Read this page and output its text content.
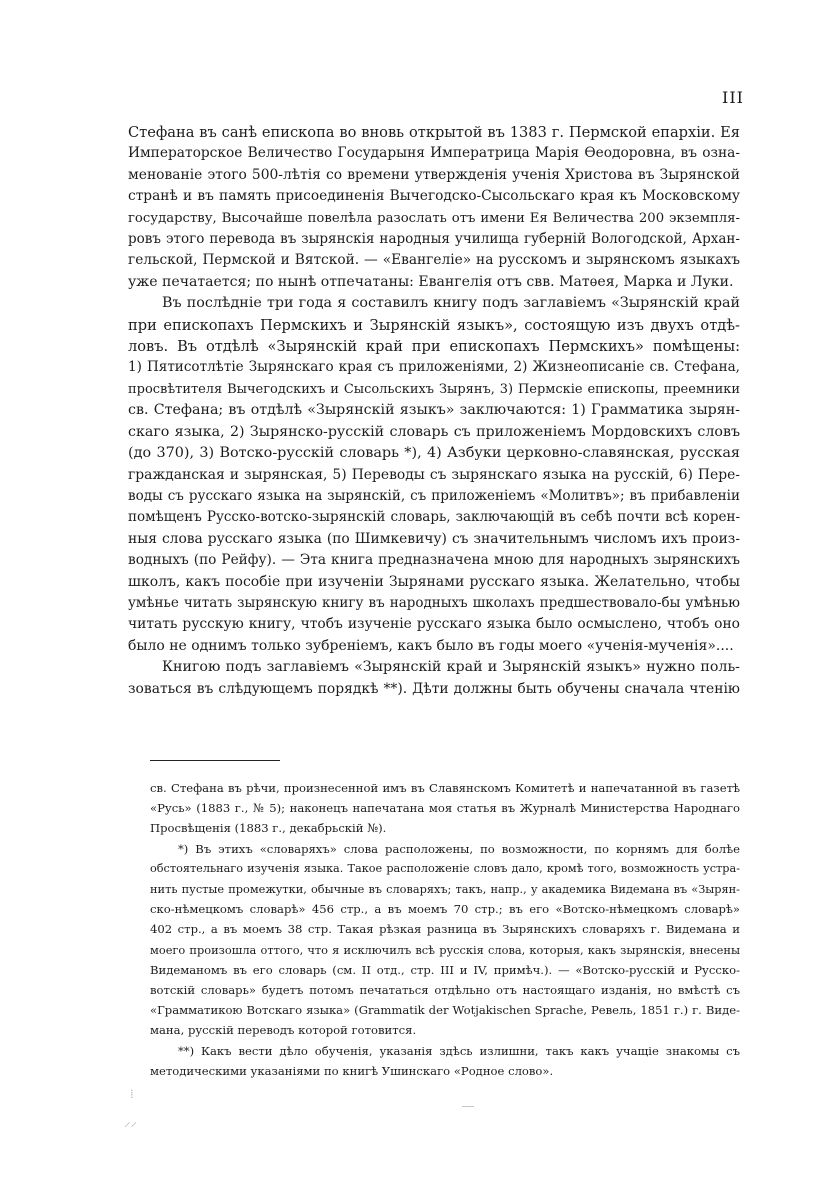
III
Стефана въ санѣ епископа во вновь открытой въ 1383 г. Пермской епархіи. Ея
Императорское Величество Государыня Императрица Марія Ѳеодоровна, въ озна-
менованіе этого 500-лѣтія со времени утвержденія ученія Христова въ Зырянской
странѣ и въ память присоединенія Вычегодско-Сысольскаго края къ Московскому
государству, Высочайше повелѣла разослать отъ имени Ея Величества 200 экземпля-
ровъ этого перевода въ зырянскія народныя училища губерній Вологодской, Архан-
гельской, Пермской и Вятской. — «Евангеліе» на русскомъ и зырянскомъ языкахъ
уже печатается; по нынѣ отпечатаны: Евангелія отъ свв. Матѳея, Марка и Луки.
Въ послѣдніе три года я составилъ книгу подъ заглавіемъ «Зырянскій край
при епископахъ Пермскихъ и Зырянскій языкъ», состоящую изъ двухъ отдѣ-
ловъ. Въ отдѣлѣ «Зырянскій край при епископахъ Пермскихъ» помѣщены:
1) Пятисотлѣтіе Зырянскаго края съ приложеніями, 2) Жизнеописаніе св. Стефана,
просвѣтителя Вычегодскихъ и Сысольскихъ Зырянъ, 3) Пермскіе епископы, преемники
св. Стефана; въ отдѣлѣ «Зырянскій языкъ» заключаются: 1) Грамматика зырян-
скаго языка, 2) Зырянско-русскій словарь съ приложеніемъ Мордовскихъ словъ
(до 370), 3) Вотско-русскій словарь *), 4) Азбуки церковно-славянская, русская
гражданская и зырянская, 5) Переводы съ зырянскаго языка на русскій, 6) Пере-
воды съ русскаго языка на зырянскій, съ приложеніемъ «Молитвъ»; въ прибавленіи
помѣщенъ Русско-вотско-зырянскій словарь, заключающій въ себѣ почти всѣ корен-
ныя слова русскаго языка (по Шимкевичу) съ значительнымъ числомъ ихъ произ-
водныхъ (по Рейфу). — Эта книга предназначена мною для народныхъ зырянскихъ
школъ, какъ пособіе при изученіи Зырянами русскаго языка. Желательно, чтобы
умѣнье читать зырянскую книгу въ народныхъ школахъ предшествовало-бы умѣнью
читать русскую книгу, чтобъ изученіе русскаго языка было осмыслено, чтобъ оно
было не однимъ только зубреніемъ, какъ было въ годы моего «ученія-мученія»....
Книгою подъ заглавіемъ «Зырянскій край и Зырянскій языкъ» нужно поль-
зоваться въ слѣдующемъ порядкѣ **). Дѣти должны быть обучены сначала чтенію
св. Стефана въ рѣчи, произнесенной имъ въ Славянскомъ Комитетѣ и напечатанной въ газетѣ
«Русь» (1883 г., № 5); наконецъ напечатана моя статья въ Журналѣ Министерства Народнаго
Просвѣщенія (1883 г., декабрьскій №).
*) Въ этихъ «словаряхъ» слова расположены, по возможности, по корнямъ для болѣе
обстоятельнаго изученія языка. Такое расположеніе словъ дало, кромѣ того, возможность устра-
нить пустые промежутки, обычные въ словаряхъ; такъ, напр., у академика Видемана въ «Зырян-
ско-нѣмецкомъ словарѣ» 456 стр., а въ моемъ 70 стр.; въ его «Вотско-нѣмецкомъ словарѣ»
402 стр., а въ моемъ 38 стр. Такая рѣзкая разница въ Зырянскихъ словаряхъ г. Видемана и
моего произошла оттого, что я исключилъ всѣ русскія слова, которыя, какъ зырянскія, внесены
Видеманомъ въ его словарь (см. II отд., стр. III и IV, примѣч.). — «Вотско-русскій и Русско-
вотскій словарь» будетъ потомъ печататься отдѣльно отъ настоящаго изданія, но вмѣстѣ съ
«Грамматикою Вотскаго языка» (Grammatik der Wotjakischen Sprache, Ревель, 1851 г.) г. Виде-
мана, русскій переводъ которой готовится.
**) Какъ вести дѣло обученія, указанія здѣсь излишни, такъ какъ учащіе знакомы съ
методическими указаніями по книгѣ Ушинскаго «Родное слово».
⁞
⸝⸝
